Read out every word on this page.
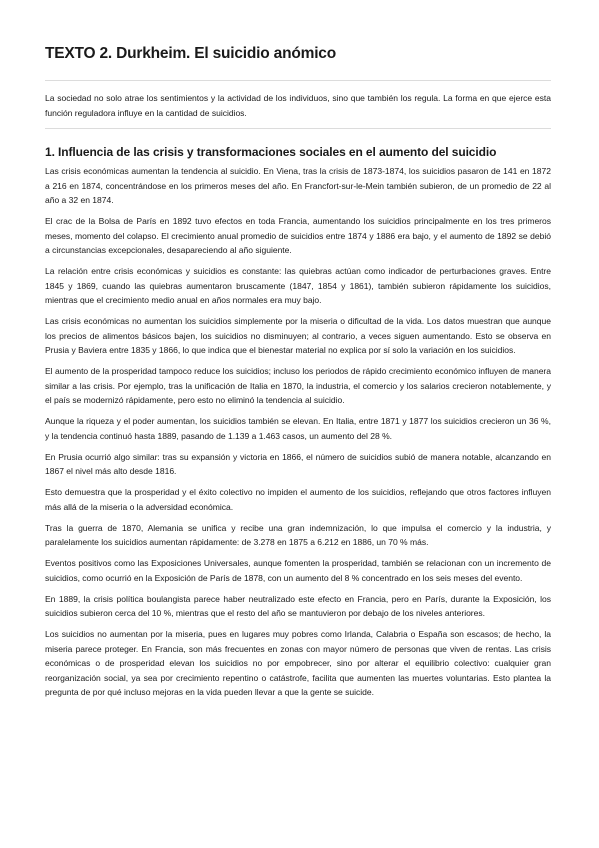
TEXTO 2. Durkheim. El suicidio anómico

La sociedad no solo atrae los sentimientos y la actividad de los individuos, sino que también los regula. La forma en que ejerce esta función reguladora influye en la cantidad de suicidios.

1. Influencia de las crisis y transformaciones sociales en el aumento del suicidio

Las crisis económicas aumentan la tendencia al suicidio. En Viena, tras la crisis de 1873-1874, los suicidios pasaron de 141 en 1872 a 216 en 1874, concentrándose en los primeros meses del año. En Francfort-sur-le-Mein también subieron, de un promedio de 22 al año a 32 en 1874.

El crac de la Bolsa de París en 1892 tuvo efectos en toda Francia, aumentando los suicidios principalmente en los tres primeros meses, momento del colapso. El crecimiento anual promedio de suicidios entre 1874 y 1886 era bajo, y el aumento de 1892 se debió a circunstancias excepcionales, desapareciendo al año siguiente.

La relación entre crisis económicas y suicidios es constante: las quiebras actúan como indicador de perturbaciones graves. Entre 1845 y 1869, cuando las quiebras aumentaron bruscamente (1847, 1854 y 1861), también subieron rápidamente los suicidios, mientras que el crecimiento medio anual en años normales era muy bajo.

Las crisis económicas no aumentan los suicidios simplemente por la miseria o dificultad de la vida. Los datos muestran que aunque los precios de alimentos básicos bajen, los suicidios no disminuyen; al contrario, a veces siguen aumentando. Esto se observa en Prusia y Baviera entre 1835 y 1866, lo que indica que el bienestar material no explica por sí solo la variación en los suicidios.

El aumento de la prosperidad tampoco reduce los suicidios; incluso los periodos de rápido crecimiento económico influyen de manera similar a las crisis. Por ejemplo, tras la unificación de Italia en 1870, la industria, el comercio y los salarios crecieron notablemente, y el país se modernizó rápidamente, pero esto no eliminó la tendencia al suicidio.

Aunque la riqueza y el poder aumentan, los suicidios también se elevan. En Italia, entre 1871 y 1877 los suicidios crecieron un 36 %, y la tendencia continuó hasta 1889, pasando de 1.139 a 1.463 casos, un aumento del 28 %.

En Prusia ocurrió algo similar: tras su expansión y victoria en 1866, el número de suicidios subió de manera notable, alcanzando en 1867 el nivel más alto desde 1816.

Esto demuestra que la prosperidad y el éxito colectivo no impiden el aumento de los suicidios, reflejando que otros factores influyen más allá de la miseria o la adversidad económica.

Tras la guerra de 1870, Alemania se unifica y recibe una gran indemnización, lo que impulsa el comercio y la industria, y paralelamente los suicidios aumentan rápidamente: de 3.278 en 1875 a 6.212 en 1886, un 70 % más.

Eventos positivos como las Exposiciones Universales, aunque fomenten la prosperidad, también se relacionan con un incremento de suicidios, como ocurrió en la Exposición de París de 1878, con un aumento del 8 % concentrado en los seis meses del evento.

En 1889, la crisis política boulangista parece haber neutralizado este efecto en Francia, pero en París, durante la Exposición, los suicidios subieron cerca del 10 %, mientras que el resto del año se mantuvieron por debajo de los niveles anteriores.

Los suicidios no aumentan por la miseria, pues en lugares muy pobres como Irlanda, Calabria o España son escasos; de hecho, la miseria parece proteger. En Francia, son más frecuentes en zonas con mayor número de personas que viven de rentas. Las crisis económicas o de prosperidad elevan los suicidios no por empobrecer, sino por alterar el equilibrio colectivo: cualquier gran reorganización social, ya sea por crecimiento repentino o catástrofe, facilita que aumenten las muertes voluntarias. Esto plantea la pregunta de por qué incluso mejoras en la vida pueden llevar a que la gente se suicide.
